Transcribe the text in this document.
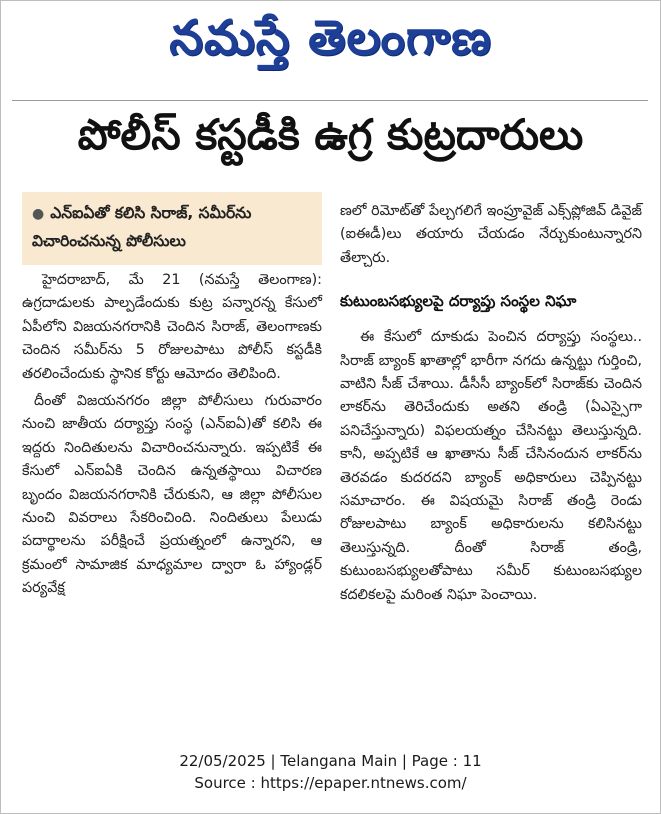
నమస్తే తెలంగాణ
పోలీస్‌ కస్టడీకి ఉగ్ర కుట్రదారులు
● ఎన్‌ఐఏతో కలిసి సిరాజ్‌, సమీర్‌ను విచారించనున్న పోలీసులు

హైదరాబాద్‌, మే 21 (నమస్తే తెలంగాణ): ఉగ్రదాడులకు పాల్పడేందుకు కుట్ర పన్నారన్న కేసులో ఏపీలోని విజయనగరానికి చెందిన సిరాజ్‌, తెలంగాణకు చెందిన సమీర్‌ను 5 రోజులపాటు పోలీస్‌ కస్టడీకి తరలించేందుకు స్థానిక కోర్టు ఆమోదం తెలిపింది.

దీంతో విజయనగరం జిల్లా పోలీసులు గురువారం నుంచి జాతీయ దర్యాప్తు సంస్థ (ఎన్‌ఐఏ)తో కలిసి ఈ ఇద్దరు నిందితులను విచారించనున్నారు. ఇప్పటికే ఈ కేసులో ఎన్‌ఐఏకి చెందిన ఉన్నతస్థాయి విచారణ బృందం విజయనగరానికి చేరుకుని, ఆ జిల్లా పోలీసుల నుంచి వివరాలు సేకరించింది. నిందితులు పేలుడు పదార్థాలను పరీక్షించే ప్రయత్నంలో ఉన్నారని, ఆ క్రమంలో సామాజిక మాధ్యమాల ద్వారా ఓ హ్యాండ్లర్‌ పర్యవేక్ష

ణలో రిమోట్‌తో పేల్చగలిగే ఇంప్రూవైజ్‌ ఎక్స్‌ప్లోజివ్‌ డివైజ్‌ (ఐఈడీ)లు తయారు చేయడం నేర్చుకుంటున్నారని తేల్చారు.

కుటుంబసభ్యులపై దర్యాప్తు సంస్థల నిఘా

ఈ కేసులో దూకుడు పెంచిన దర్యాప్తు సంస్థలు.. సిరాజ్‌ బ్యాంక్‌ ఖాతాల్లో భారీగా నగదు ఉన్నట్టు గుర్తించి, వాటిని సీజ్‌ చేశాయి. డీసీసీ బ్యాంక్‌లో సిరాజ్‌కు చెందిన లాకర్‌ను తెరిచేందుకు అతని తండ్రి (ఏఎస్సైగా పనిచేస్తున్నారు) విఫలయత్నం చేసినట్టు తెలుస్తున్నది. కానీ, అప్పటికే ఆ ఖాతాను సీజ్‌ చేసినందున లాకర్‌ను తెరవడం కుదరదని బ్యాంక్‌ అధికారులు చెప్పినట్టు సమాచారం. ఈ విషయమై సిరాజ్‌ తండ్రి రెండు రోజులపాటు బ్యాంక్‌ అధికారులను కలిసినట్టు తెలుస్తున్నది. దీంతో సిరాజ్‌ తండ్రి, కుటుంబసభ్యులతోపాటు సమీర్‌ కుటుంబసభ్యుల కదలికలపై మరింత నిఘా పెంచాయి.

22/05/2025 | Telangana Main | Page : 11
Source : https://epaper.ntnews.com/
